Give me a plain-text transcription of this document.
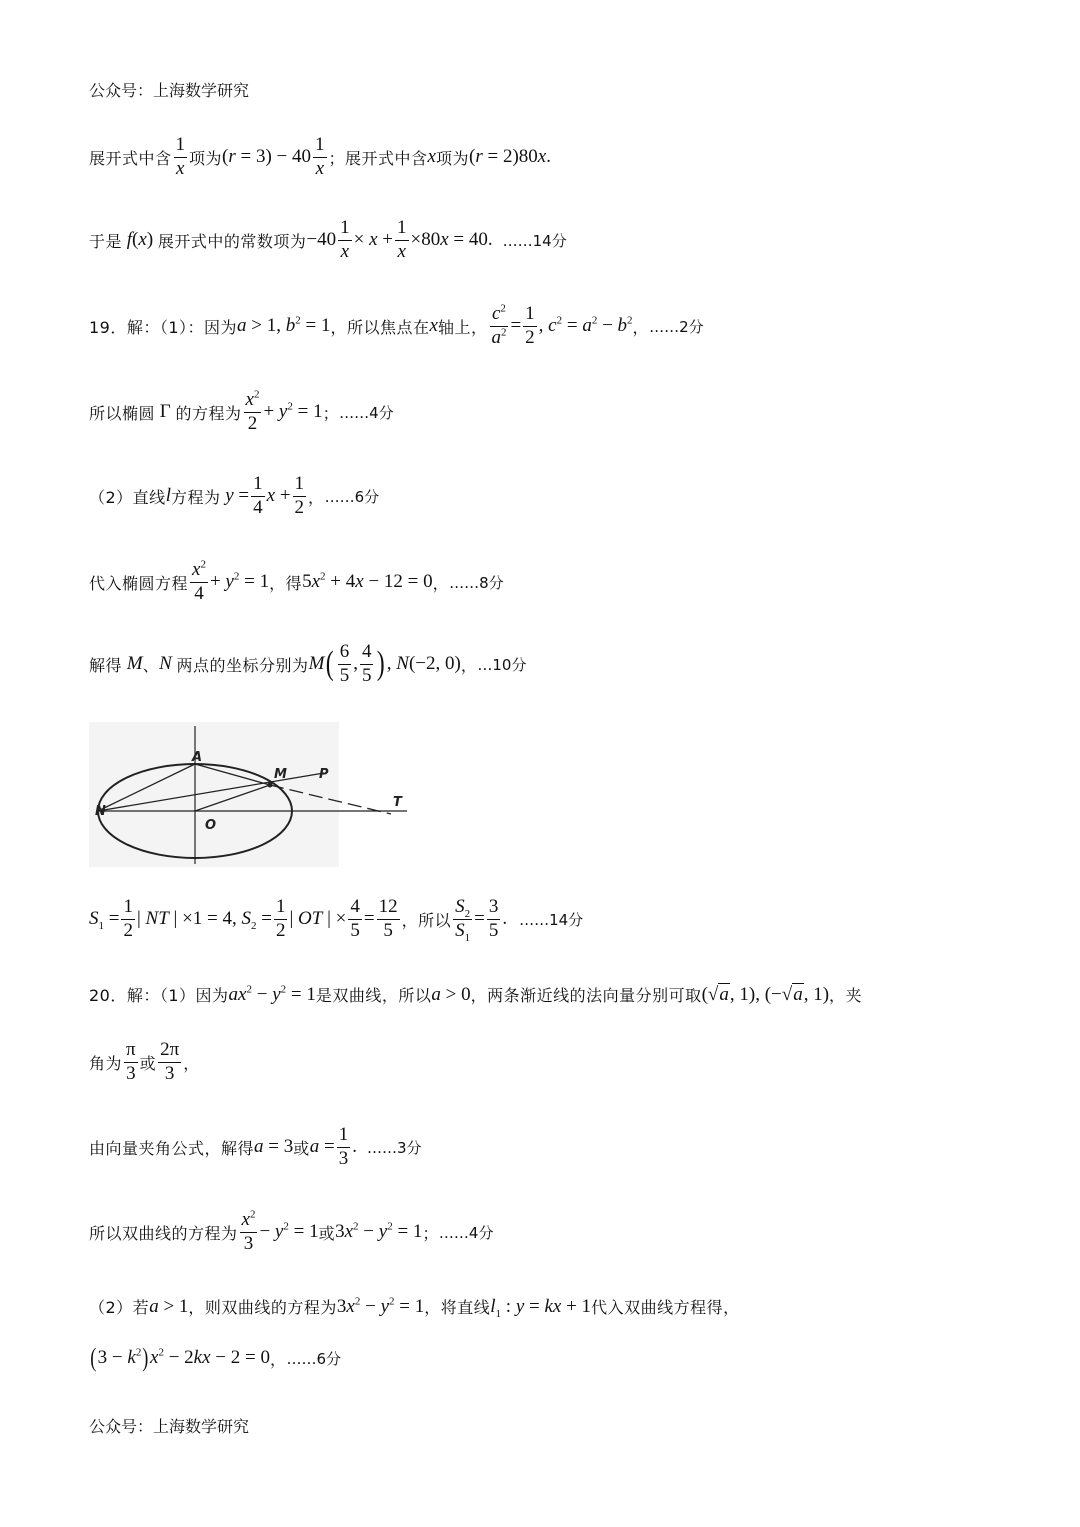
公众号：上海数学研究
展开式中含 $\frac{1}{x}$ 项为 $(r = 3) - 40 \frac{1}{x}$ ；展开式中含 x 项为 (r = 2)80x .
于是 f(x) 展开式中的常数项为 $-40 \frac{1}{x} \times x + \frac{1}{x} \times 80x = 40$ . ……14分
19．解：（1）：因为 a > 1, $b^2 = 1$ ，所以焦点在 x 轴上， $\frac{c^2}{a^2} = \frac{1}{2}$ , $c^2 = a^2 - b^2$ ， ……2分
所以椭圆 Γ 的方程为 $\frac{x^2}{2} + y^2 = 1$ ； ……4分
（2）直线 l 方程为 $y = \frac{1}{4}$ $x + \frac{1}{2}$ ， ……6分
代入椭圆方程 $\frac{x^2}{4} + y^2 = 1$ ，得 $5x^2 + 4x - 12 = 0$ ， ……8分
解得 M 、 N 两点的坐标分别为 M ( $\frac{6}{5}$ , $\frac{4}{5}$ ) , N(−2, 0) ， …10分
A
M P
N
T
O
$S_1 = \frac{1}{2}$ | NT | ×1 = 4, $S_2 = \frac{1}{2}$ | OT | × $\frac{4}{5} = \frac{12}{5}$ ，所以 $\frac{S_2}{S_1} = \frac{3}{5}$ . ……14分
20．解：（1）因为 $ax^2 - y^2 = 1$ 是双曲线，所以 a > 0 ，两条渐近线的法向量分别可取 (√a, 1), (−√a, 1) ，夹
角为 $\frac{\pi}{3}$ 或 $\frac{2\pi}{3}$ ，
由向量夹角公式，解得 a = 3 或 $a = \frac{1}{3}$ . ……3分
所以双曲线的方程为 $\frac{x^2}{3} - y^2 = 1$ 或 $3x^2 - y^2 = 1$ ； ……4分
（2）若 a > 1 ，则双曲线的方程为 $3x^2 - y^2 = 1$ ，将直线 $l_1$ : y = kx + 1 代入双曲线方程得，
( $3 - k^2$ ) $x^2 - 2kx - 2 = 0$ ， ……6分
公众号：上海数学研究
